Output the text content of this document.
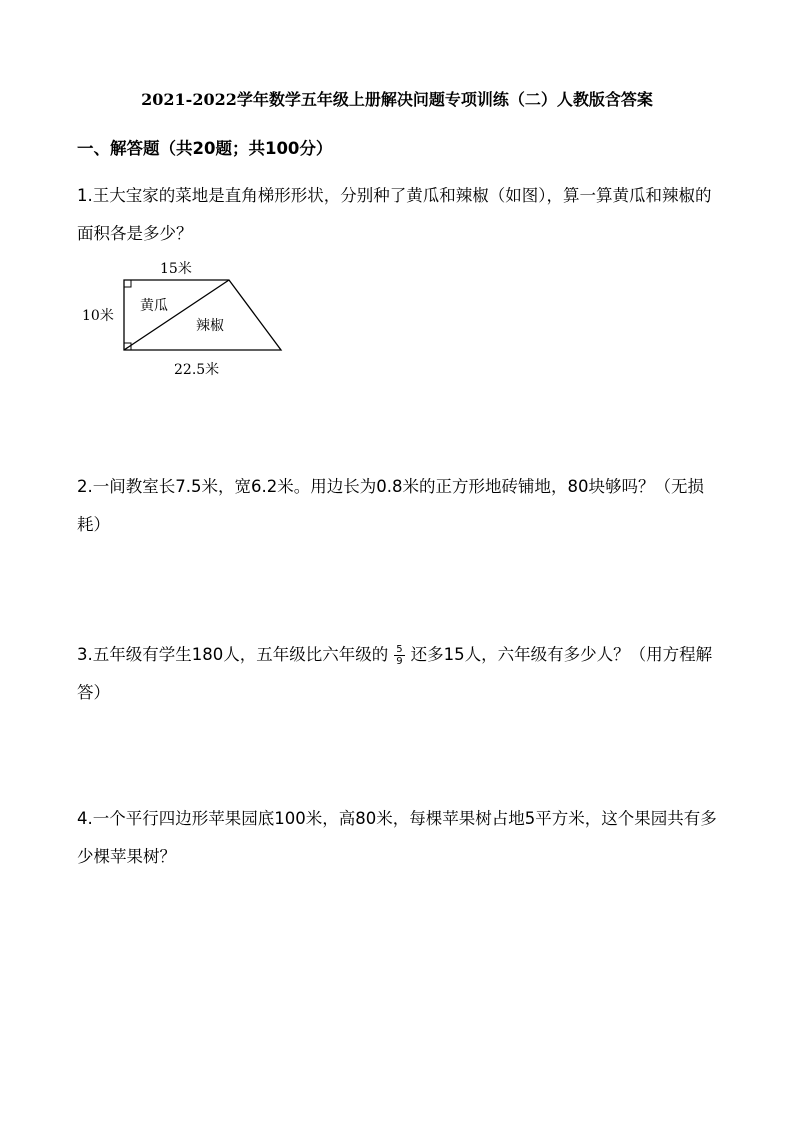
2021-2022学年数学五年级上册解决问题专项训练（二）人教版含答案
一、解答题（共20题；共100分）
1.王大宝家的菜地是直角梯形形状，分别种了黄瓜和辣椒（如图），算一算黄瓜和辣椒的面积各是多少？
15米
10米
22.5米
黄瓜
辣椒
2.一间教室长7.5米，宽6.2米。用边长为0.8米的正方形地砖铺地，80块够吗？（无损耗）
3.五年级有学生180人，五年级比六年级的 $\frac{5}{9}$ 还多15人，六年级有多少人？（用方程解答）
4.一个平行四边形苹果园底100米，高80米，每棵苹果树占地5平方米，这个果园共有多少棵苹果树？
